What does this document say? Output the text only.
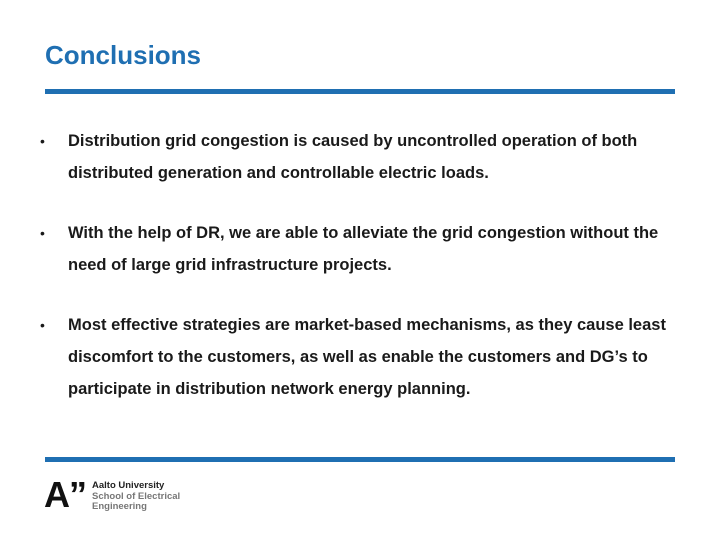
Conclusions
• Distribution grid congestion is caused by uncontrolled operation of both distributed generation and controllable electric loads.
• With the help of DR, we are able to alleviate the grid congestion without the need of large grid infrastructure projects.
• Most effective strategies are market-based mechanisms, as they cause least discomfort to the customers, as well as enable the customers and DG’s to participate in distribution network energy planning.
A” Aalto University
School of Electrical
Engineering
